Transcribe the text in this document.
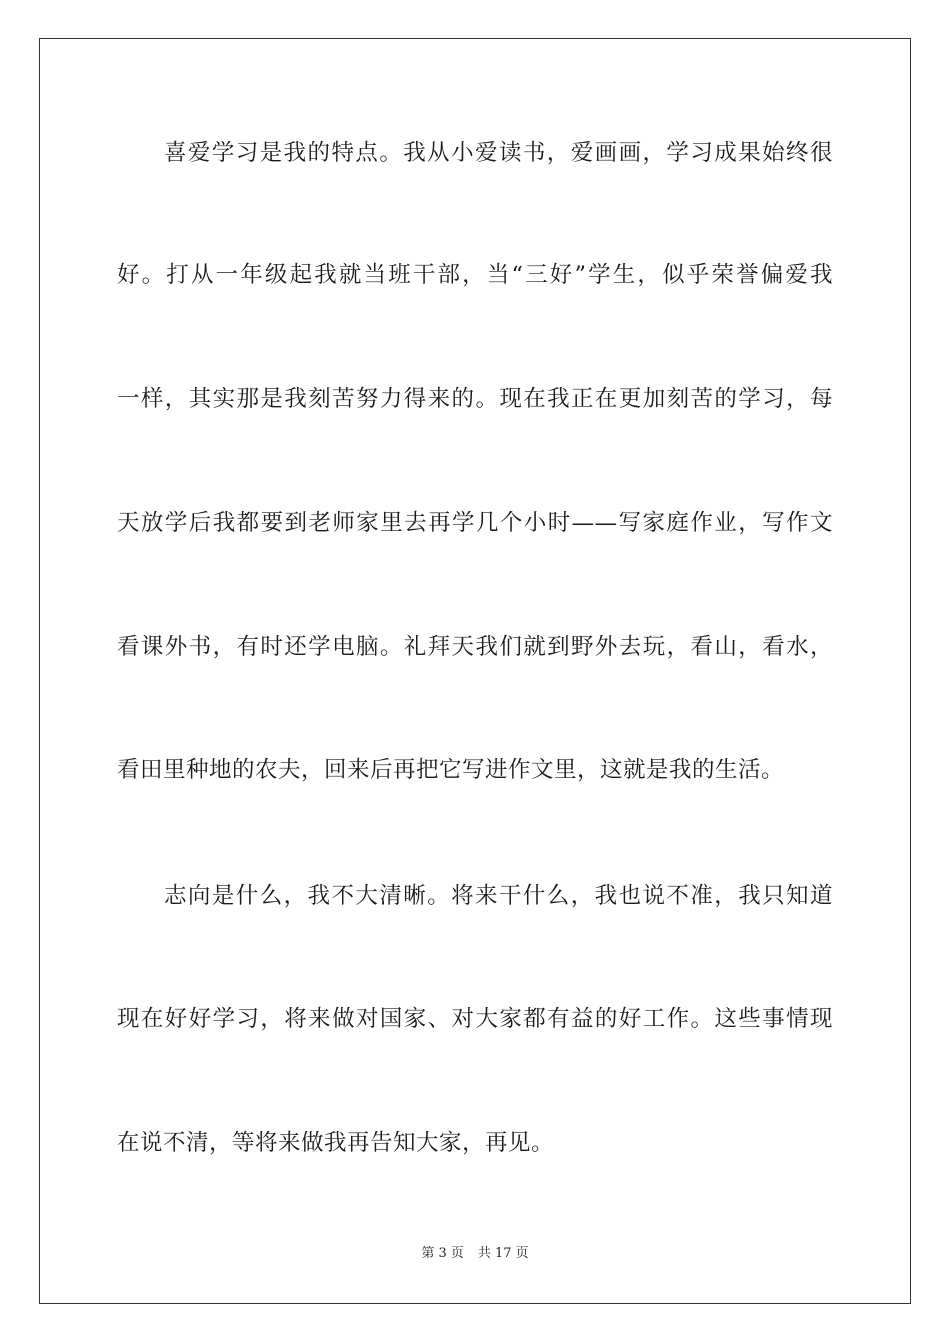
喜爱学习是我的特点。我从小爱读书，爱画画，学习成果始终很
好。打从一年级起我就当班干部，当“三好”学生，似乎荣誉偏爱我
一样，其实那是我刻苦努力得来的。现在我正在更加刻苦的学习，每
天放学后我都要到老师家里去再学几个小时——写家庭作业，写作文
看课外书，有时还学电脑。礼拜天我们就到野外去玩，看山，看水，
看田里种地的农夫，回来后再把它写进作文里，这就是我的生活。
志向是什么，我不大清晰。将来干什么，我也说不准，我只知道
现在好好学习，将来做对国家、对大家都有益的好工作。这些事情现
在说不清，等将来做我再告知大家，再见。
第 3 页 共 17 页
